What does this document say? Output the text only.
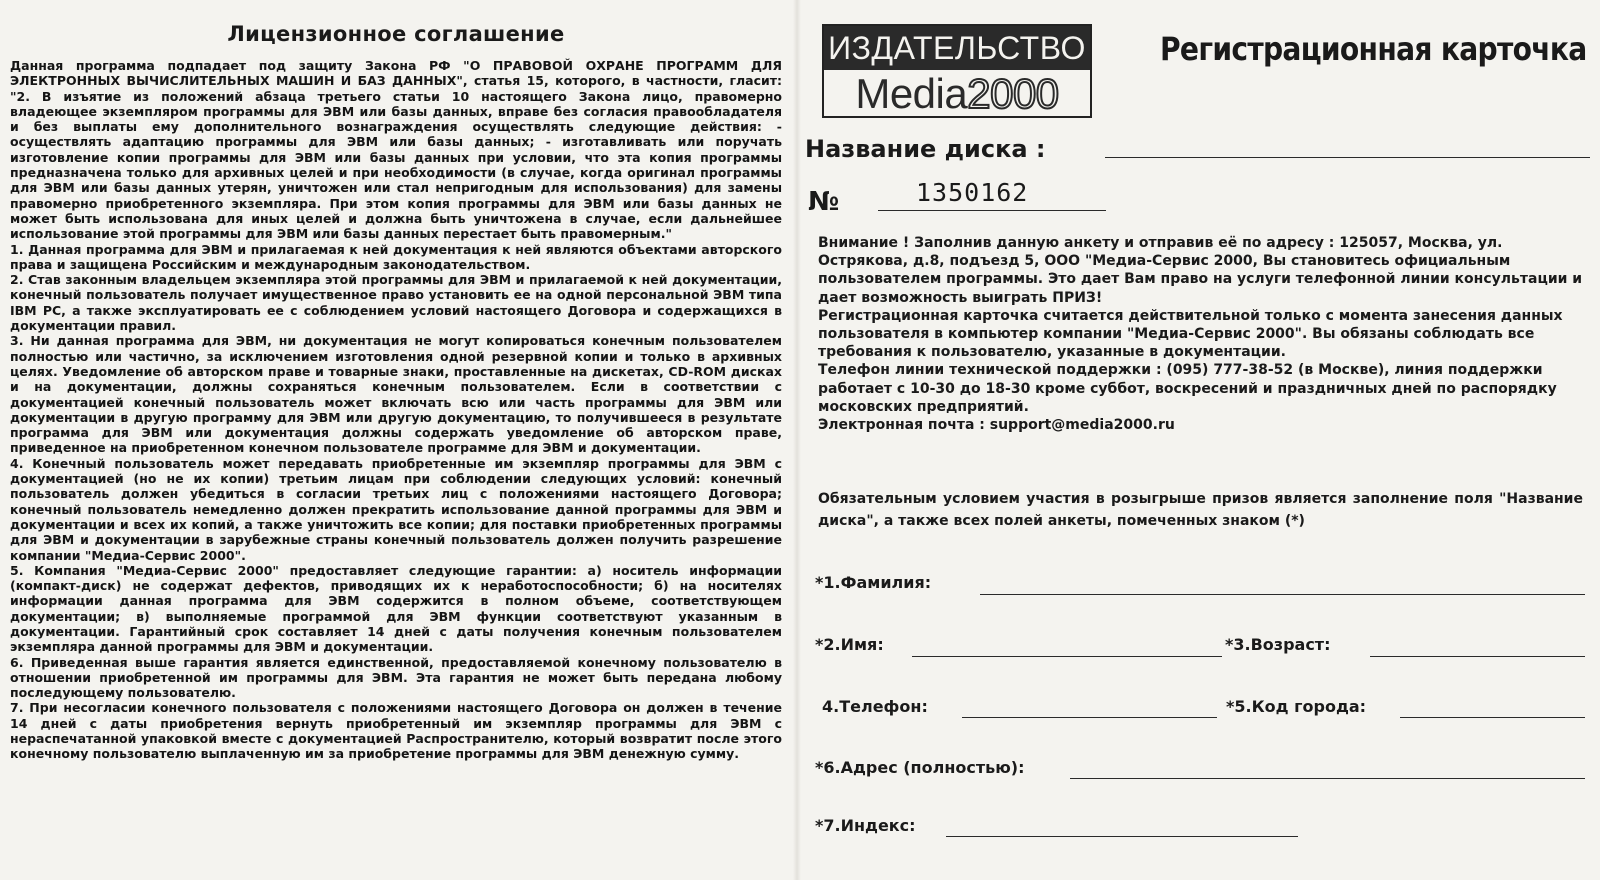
Лицензионное соглашение

Данная программа подпадает под защиту Закона РФ "О ПРАВОВОЙ ОХРАНЕ ПРОГРАММ ДЛЯ ЭЛЕКТРОННЫХ ВЫЧИСЛИТЕЛЬНЫХ МАШИН И БАЗ ДАННЫХ", статья 15, которого, в частности, гласит: "2. В изъятие из положений абзаца третьего статьи 10 настоящего Закона лицо, правомерно владеющее экземпляром программы для ЭВМ или базы данных, вправе без согласия правообладателя и без выплаты ему дополнительного вознаграждения осуществлять следующие действия: - осуществлять адаптацию программы для ЭВМ или базы данных; - изготавливать или поручать изготовление копии программы для ЭВМ или базы данных при условии, что эта копия программы предназначена только для архивных целей и при необходимости (в случае, когда оригинал программы для ЭВМ или базы данных утерян, уничтожен или стал непригодным для использования) для замены правомерно приобретенного экземпляра. При этом копия программы для ЭВМ или базы данных не может быть использована для иных целей и должна быть уничтожена в случае, если дальнейшее использование этой программы для ЭВМ или базы данных перестает быть правомерным."

1. Данная программа для ЭВМ и прилагаемая к ней документация к ней являются объектами авторского права и защищена Российским и международным законодательством.

2. Став законным владельцем экземпляра этой программы для ЭВМ и прилагаемой к ней документации, конечный пользователь получает имущественное право установить ее на одной персональной ЭВМ типа IBM PC, а также эксплуатировать ее с соблюдением условий настоящего Договора и содержащихся в документации правил.

3. Ни данная программа для ЭВМ, ни документация не могут копироваться конечным пользователем полностью или частично, за исключением изготовления одной резервной копии и только в архивных целях. Уведомление об авторском праве и товарные знаки, проставленные на дискетах, CD-ROM дисках и на документации, должны сохраняться конечным пользователем. Если в соответствии с документацией конечный пользователь может включать всю или часть программы для ЭВМ или документации в другую программу для ЭВМ или другую документацию, то получившееся в результате программа для ЭВМ или документация должны содержать уведомление об авторском праве, приведенное на приобретенном конечном пользователе программе для ЭВМ и документации.

4. Конечный пользователь может передавать приобретенные им экземпляр программы для ЭВМ с документацией (но не их копии) третьим лицам при соблюдении следующих условий: конечный пользователь должен убедиться в согласии третьих лиц с положениями настоящего Договора; конечный пользователь немедленно должен прекратить использование данной программы для ЭВМ и документации и всех их копий, а также уничтожить все копии; для поставки приобретенных программы для ЭВМ и документации в зарубежные страны конечный пользователь должен получить разрешение компании "Медиа-Сервис 2000".

5. Компания "Медиа-Сервис 2000" предоставляет следующие гарантии: а) носитель информации (компакт-диск) не содержат дефектов, приводящих их к неработоспособности; б) на носителях информации данная программа для ЭВМ содержится в полном объеме, соответствующем документации; в) выполняемые программой для ЭВМ функции соответствуют указанным в документации. Гарантийный срок составляет 14 дней с даты получения конечным пользователем экземпляра данной программы для ЭВМ и документации.

6. Приведенная выше гарантия является единственной, предоставляемой конечному пользователю в отношении приобретенной им программы для ЭВМ. Эта гарантия не может быть передана любому последующему пользователю.

7. При несогласии конечного пользователя с положениями настоящего Договора он должен в течение 14 дней с даты приобретения вернуть приобретенный им экземпляр программы для ЭВМ с нераспечатанной упаковкой вместе с документацией Распространителю, который возвратит после этого конечному пользователю выплаченную им за приобретение программы для ЭВМ денежную сумму.

ИЗДАТЕЛЬСТВО
Media2000
Регистрационная карточка
Название диска :
№	1350162

Внимание ! Заполнив данную анкету и отправив её по адресу : 125057, Москва, ул. Острякова, д.8, подъезд 5, ООО "Медиа-Сервис 2000, Вы становитесь официальным пользователем программы. Это дает Вам право на услуги телефонной линии консультации и дает возможность выиграть ПРИЗ!

Регистрационная карточка считается действительной только с момента занесения данных пользователя в компьютер компании "Медиа-Сервис 2000". Вы обязаны соблюдать все требования к пользователю, указанные в документации.

Телефон линии технической поддержки : (095) 777-38-52 (в Москве), линия поддержки работает с 10-30 до 18-30 кроме суббот, воскресений и праздничных дней по распорядку московских предприятий.

Электронная почта : support@media2000.ru

Обязательным условием участия в розыгрыше призов является заполнение поля "Название диска", а также всех полей анкеты, помеченных знаком (*)
*1.Фамилия:
*2.Имя:	*3.Возраст:
4.Телефон:	*5.Код города:
*6.Адрес (полностью):
*7.Индекс:
